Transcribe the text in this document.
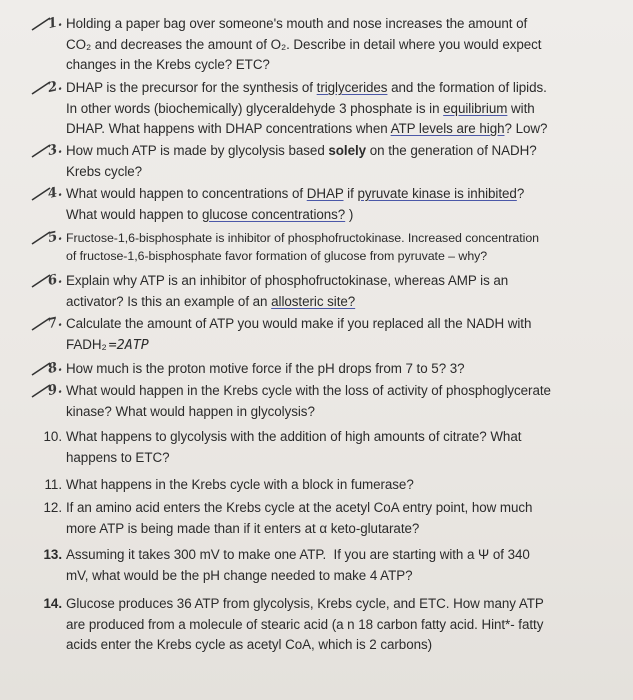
1. Holding a paper bag over someone's mouth and nose increases the amount of
CO₂ and decreases the amount of O₂. Describe in detail where you would expect
changes in the Krebs cycle? ETC?
2. DHAP is the precursor for the synthesis of triglycerides and the formation of lipids.
In other words (biochemically) glyceraldehyde 3 phosphate is in equilibrium with
DHAP. What happens with DHAP concentrations when ATP levels are high? Low?
3. How much ATP is made by glycolysis based solely on the generation of NADH?
Krebs cycle?
4. What would happen to concentrations of DHAP if pyruvate kinase is inhibited?
What would happen to glucose concentrations? )
5. Fructose-1,6-bisphosphate is inhibitor of phosphofructokinase. Increased concentration
of fructose-1,6-bisphosphate favor formation of glucose from pyruvate – why?
6. Explain why ATP is an inhibitor of phosphofructokinase, whereas AMP is an
activator? Is this an example of an allosteric site?
7. Calculate the amount of ATP you would make if you replaced all the NADH with
FADH₂ =2ATP
8. How much is the proton motive force if the pH drops from 7 to 5? 3?
9. What would happen in the Krebs cycle with the loss of activity of phosphoglycerate
kinase? What would happen in glycolysis?
10. What happens to glycolysis with the addition of high amounts of citrate? What
happens to ETC?
11. What happens in the Krebs cycle with a block in fumerase?
12. If an amino acid enters the Krebs cycle at the acetyl CoA entry point, how much
more ATP is being made than if it enters at α keto-glutarate?
13. Assuming it takes 300 mV to make one ATP.  If you are starting with a Ψ of 340
mV, what would be the pH change needed to make 4 ATP?
14. Glucose produces 36 ATP from glycolysis, Krebs cycle, and ETC. How many ATP
are produced from a molecule of stearic acid (a n 18 carbon fatty acid. Hint*- fatty
acids enter the Krebs cycle as acetyl CoA, which is 2 carbons)
